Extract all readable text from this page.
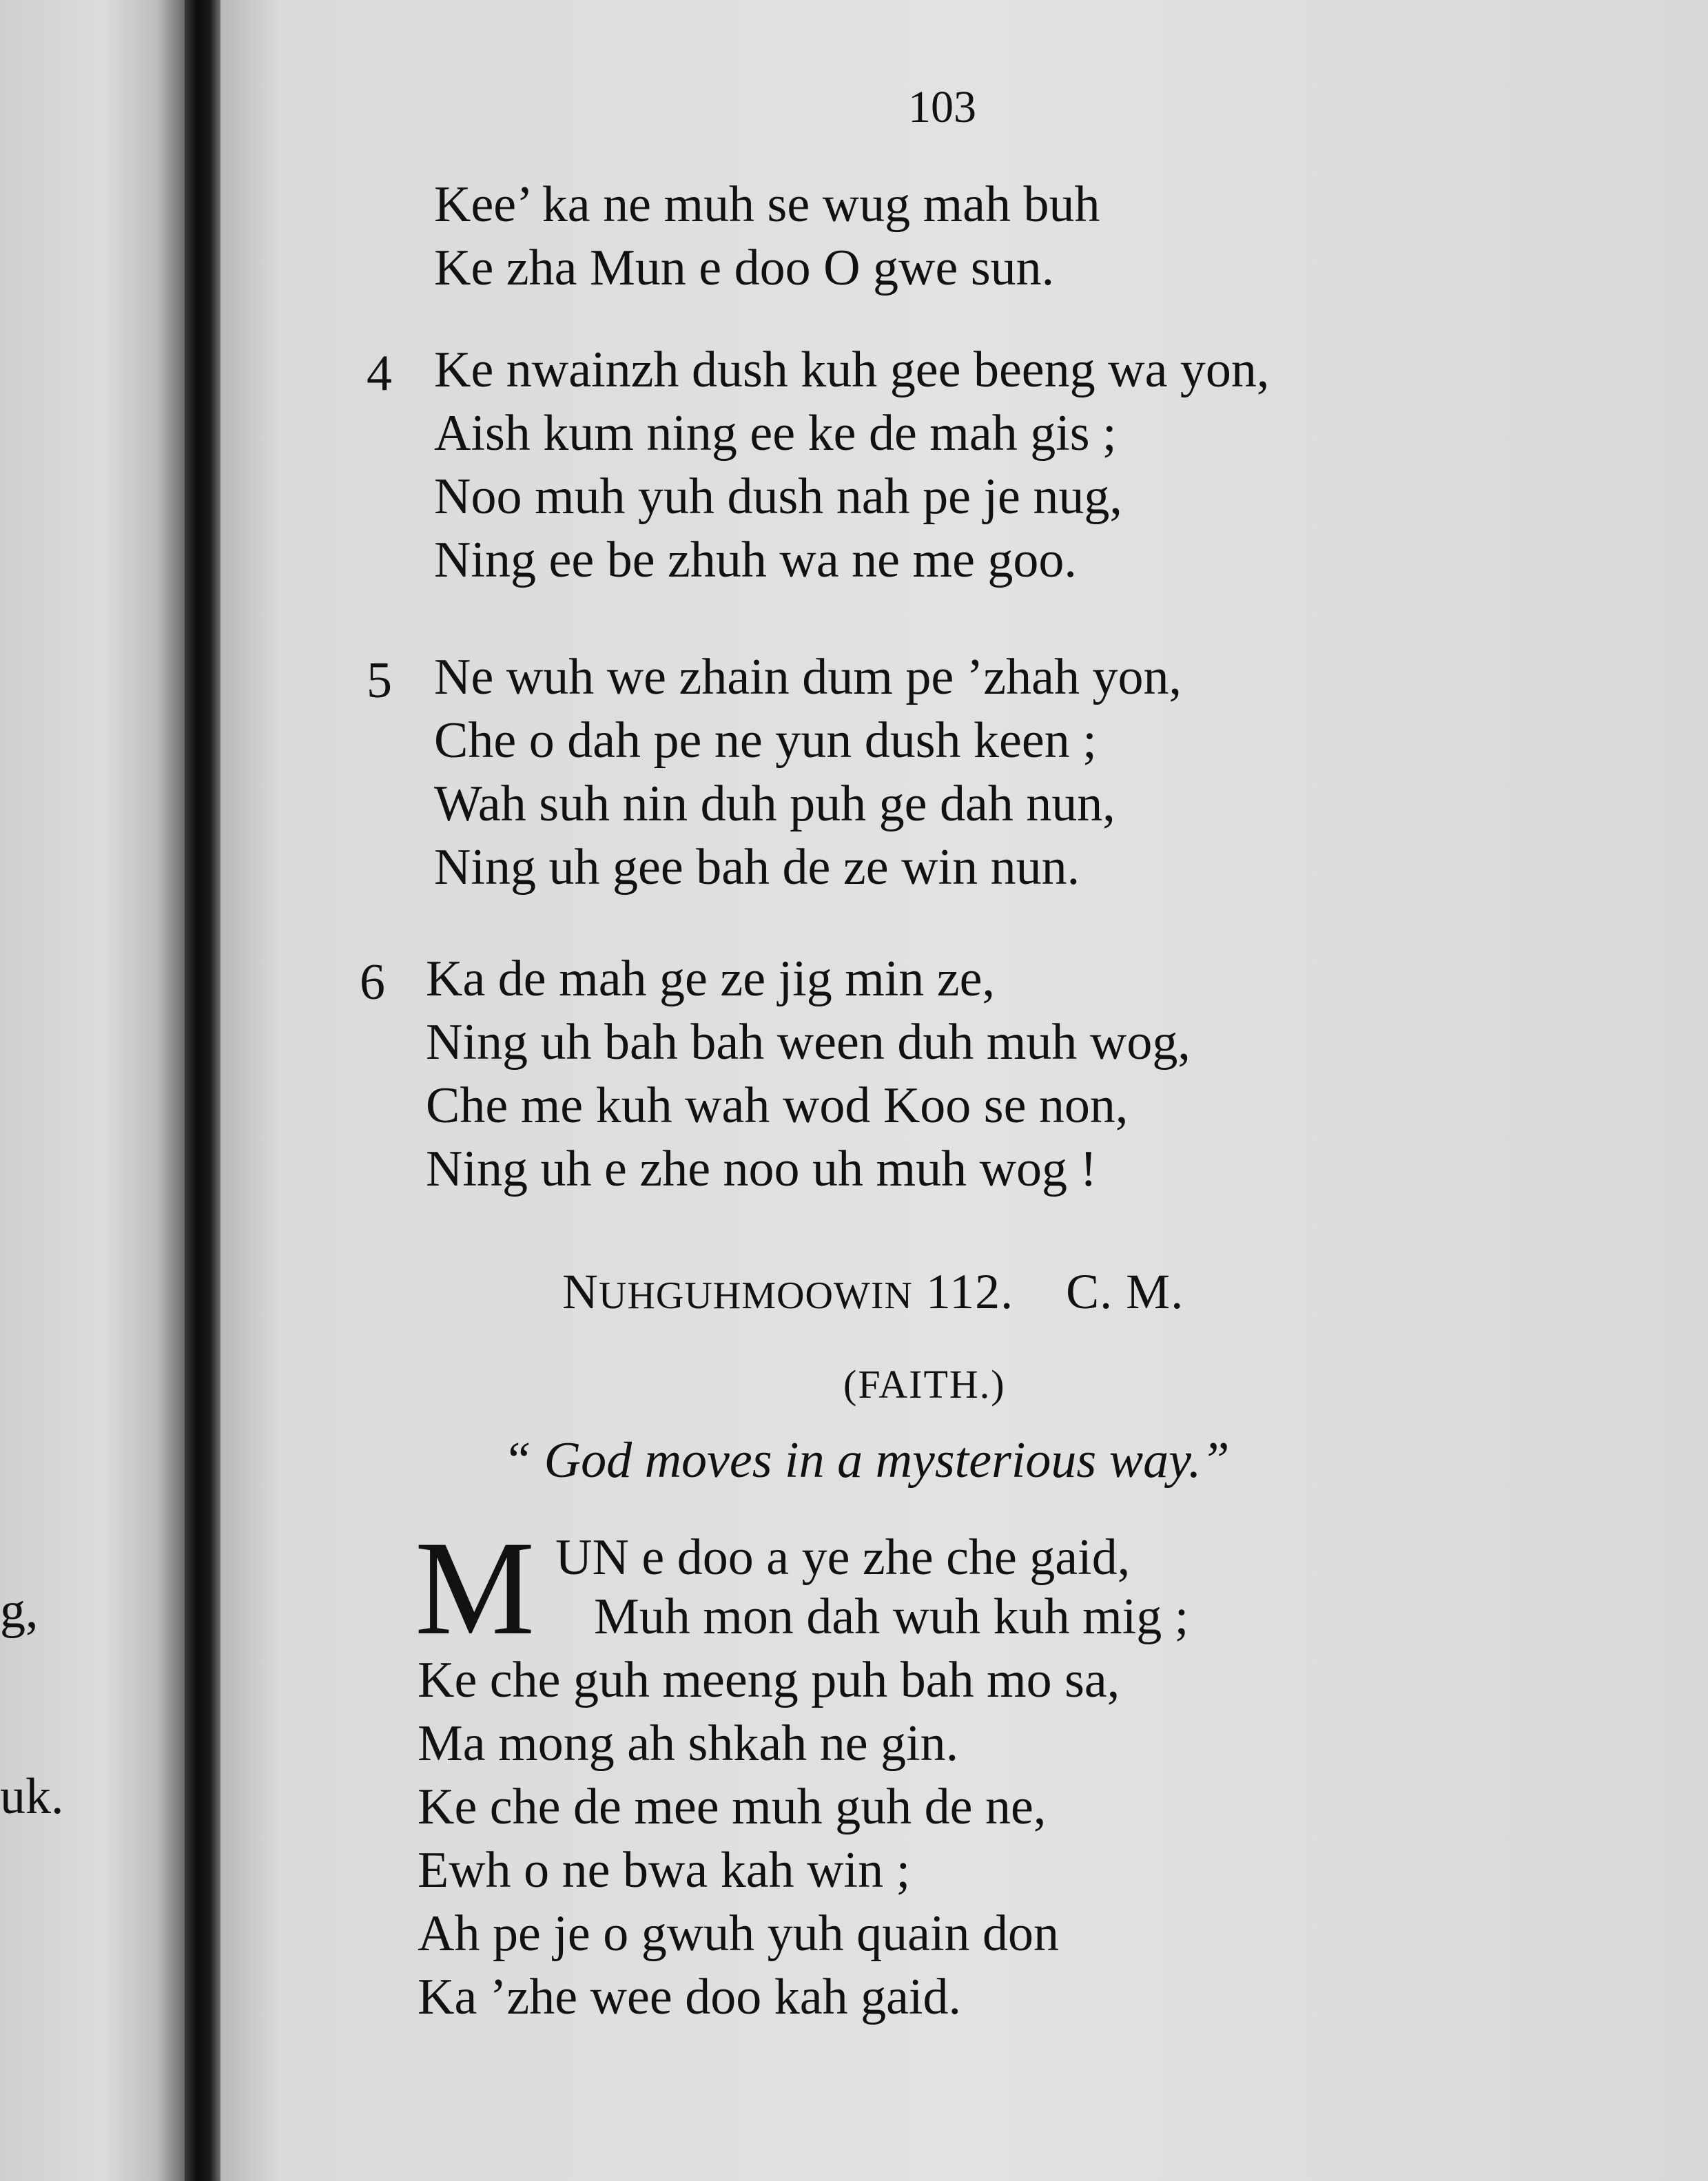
g,
uk.
103
Kee’ ka ne muh se wug mah buh
Ke zha Mun e doo O gwe sun.
4 Ke nwainzh dush kuh gee beeng wa yon,
Aish kum ning ee ke de mah gis ;
Noo muh yuh dush nah pe je nug,
Ning ee be zhuh wa ne me goo.
5 Ne wuh we zhain dum pe ’zhah yon,
Che o dah pe ne yun dush keen ;
Wah suh nin duh puh ge dah nun,
Ning uh gee bah de ze win nun.
6 Ka de mah ge ze jig min ze,
Ning uh bah bah ween duh muh wog,
Che me kuh wah wod Koo se non,
Ning uh e zhe noo uh muh wog !
NUHGUHMOOWIN 112. C. M.
(FAITH.)
“ God moves in a mysterious way.”
M UN e doo a ye zhe che gaid,
Muh mon dah wuh kuh mig ;
Ke che guh meeng puh bah mo sa,
Ma mong ah shkah ne gin.
Ke che de mee muh guh de ne,
Ewh o ne bwa kah win ;
Ah pe je o gwuh yuh quain don
Ka ’zhe wee doo kah gaid.
